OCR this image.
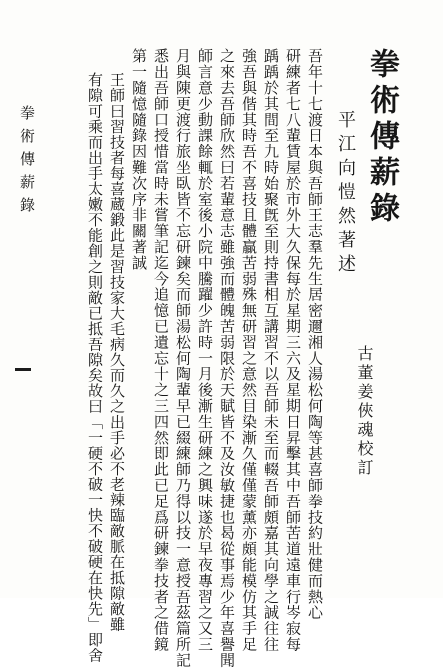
拳術傳薪錄
平江向愷然著述
古董姜俠魂校訂
吾年十七渡日本與吾師王志羣先生居密邇湘人湯松何陶等甚喜師拳技約壯健而熱心
研練者七八輩賃屋於市外大久保每於星期三六及星期日昇擊其中吾師苦道遠車行岑寂每
踽踽於其間至九時始聚旣至則持書相互講習不以吾師未至而輟吾師頗嘉其向學之誠往往
強吾與偕其時吾不喜技且體贏苦弱殊無研習之意然目染漸久僅僅蒙薰亦頗能模仿其手足
之來去吾師欣然曰若輩意志雖強而體魄苦弱限於天賦皆不及汝敏捷也曷從事焉少年喜譽聞
師言意少動課餘輒於室後小院中騰躍少許時一月後漸生研練之興味遂於早夜專習之又三
月與陳更渡行旅坐臥皆不忘研鍊矣而師湯松何陶輩早已綴練師乃得以技一意授吾茲篇所記
悉出吾師口授惜當時未嘗筆記迄今追憶已遺忘十之三四然即此已足爲研鍊拳技者之借鏡
第一隨憶隨錄因難次序非關著誠
王師曰習技者每喜蔵鍛此是習技家大毛病久而久之出手必不老辣臨敵脈在抵隙敵雖
有隙可乘而出手太嫩不能創之則敵已抵吾隙矣故曰「一硬不破一快不破硬在快先」即舍
拳術傳薪錄
